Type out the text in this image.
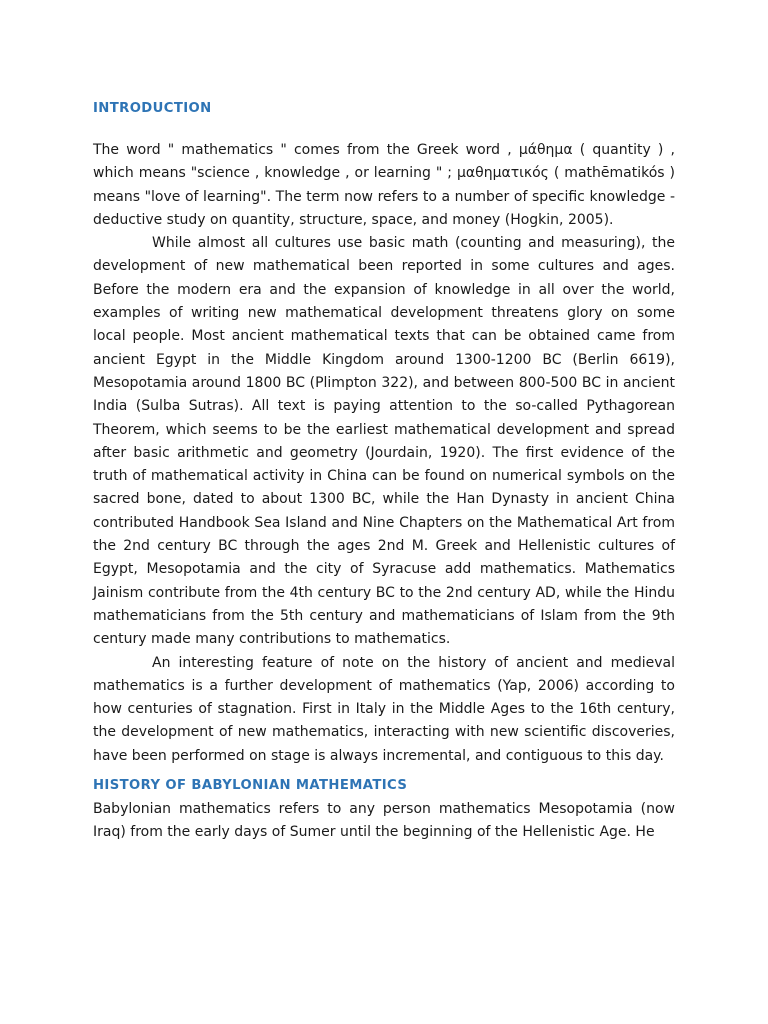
INTRODUCTION

The word " mathematics " comes from the Greek word , μάθημα ( quantity ) , which means "science , knowledge , or learning " ; μαθηματικός ( mathēmatikós ) means "love of learning". The term now refers to a number of specific knowledge - deductive study on quantity, structure, space, and money (Hogkin, 2005).

While almost all cultures use basic math (counting and measuring), the development of new mathematical been reported in some cultures and ages. Before the modern era and the expansion of knowledge in all over the world, examples of writing new mathematical development threatens glory on some local people. Most ancient mathematical texts that can be obtained came from ancient Egypt in the Middle Kingdom around 1300-1200 BC (Berlin 6619), Mesopotamia around 1800 BC (Plimpton 322), and between 800-500 BC in ancient India (Sulba Sutras). All text is paying attention to the so-called Pythagorean Theorem, which seems to be the earliest mathematical development and spread after basic arithmetic and geometry (Jourdain, 1920). The first evidence of the truth of mathematical activity in China can be found on numerical symbols on the sacred bone, dated to about 1300 BC, while the Han Dynasty in ancient China contributed Handbook Sea Island and Nine Chapters on the Mathematical Art from the 2nd century BC through the ages 2nd M. Greek and Hellenistic cultures of Egypt, Mesopotamia and the city of Syracuse add mathematics. Mathematics Jainism contribute from the 4th century BC to the 2nd century AD, while the Hindu mathematicians from the 5th century and mathematicians of Islam from the 9th century made many contributions to mathematics.

An interesting feature of note on the history of ancient and medieval mathematics is a further development of mathematics (Yap, 2006) according to how centuries of stagnation. First in Italy in the Middle Ages to the 16th century, the development of new mathematics, interacting with new scientific discoveries, have been performed on stage is always incremental, and contiguous to this day.

HISTORY OF BABYLONIAN MATHEMATICS

Babylonian mathematics refers to any person mathematics Mesopotamia (now Iraq) from the early days of Sumer until the beginning of the Hellenistic Age. He
